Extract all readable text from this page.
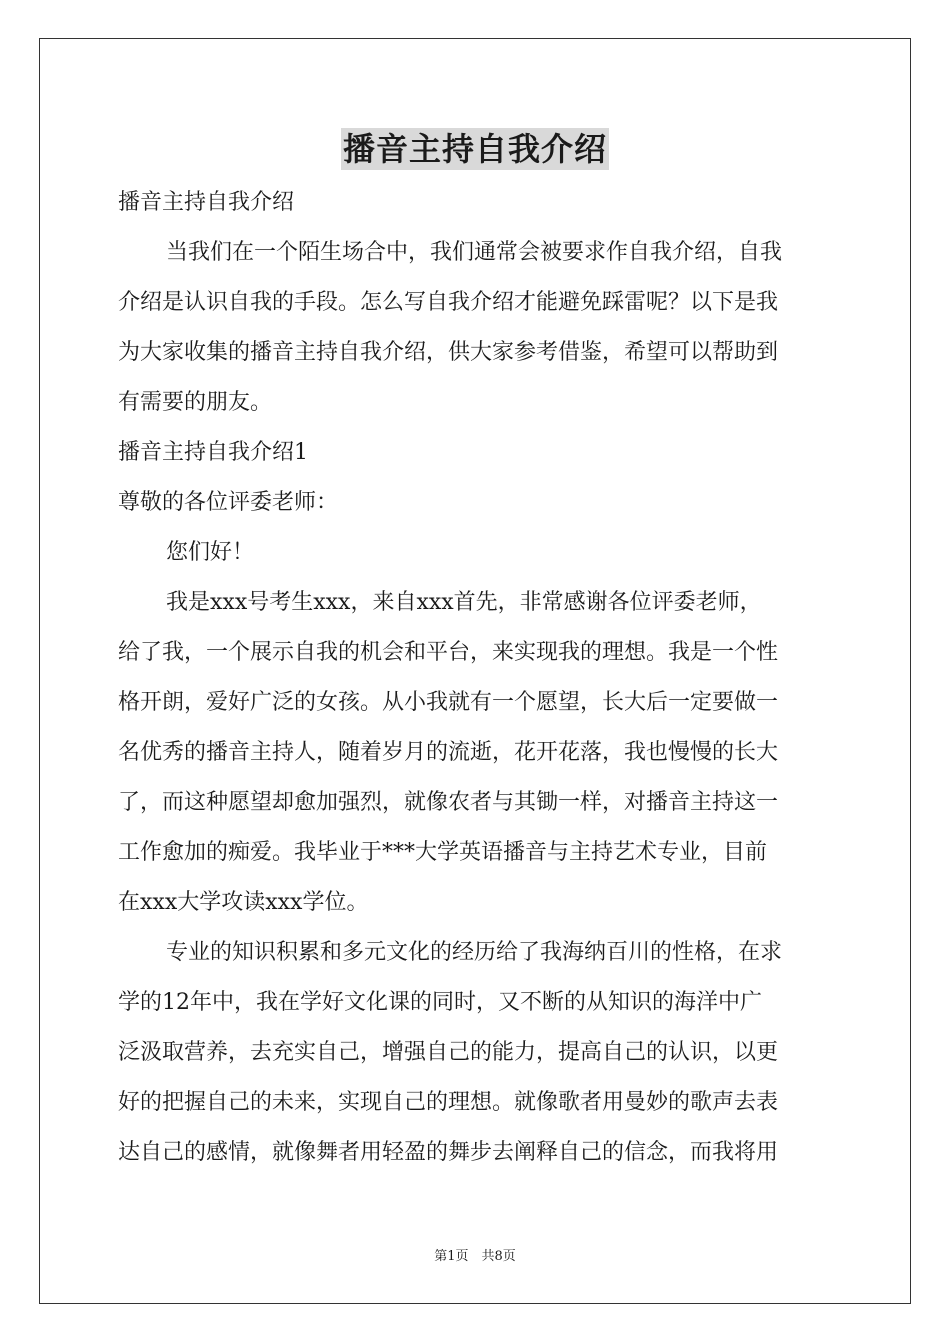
播音主持自我介绍
播音主持自我介绍
当我们在一个陌生场合中，我们通常会被要求作自我介绍，自我
介绍是认识自我的手段。怎么写自我介绍才能避免踩雷呢？以下是我
为大家收集的播音主持自我介绍，供大家参考借鉴，希望可以帮助到
有需要的朋友。
播音主持自我介绍1
尊敬的各位评委老师：
您们好！
我是xxx号考生xxx，来自xxx首先，非常感谢各位评委老师，
给了我，一个展示自我的机会和平台，来实现我的理想。我是一个性
格开朗，爱好广泛的女孩。从小我就有一个愿望，长大后一定要做一
名优秀的播音主持人，随着岁月的流逝，花开花落，我也慢慢的长大
了，而这种愿望却愈加强烈，就像农者与其锄一样，对播音主持这一
工作愈加的痴爱。我毕业于***大学英语播音与主持艺术专业，目前
在xxx大学攻读xxx学位。
专业的知识积累和多元文化的经历给了我海纳百川的性格，在求
学的12年中，我在学好文化课的同时，又不断的从知识的海洋中广
泛汲取营养，去充实自己，增强自己的能力，提高自己的认识，以更
好的把握自己的未来，实现自己的理想。就像歌者用曼妙的歌声去表
达自己的感情，就像舞者用轻盈的舞步去阐释自己的信念，而我将用
第1页　共8页
